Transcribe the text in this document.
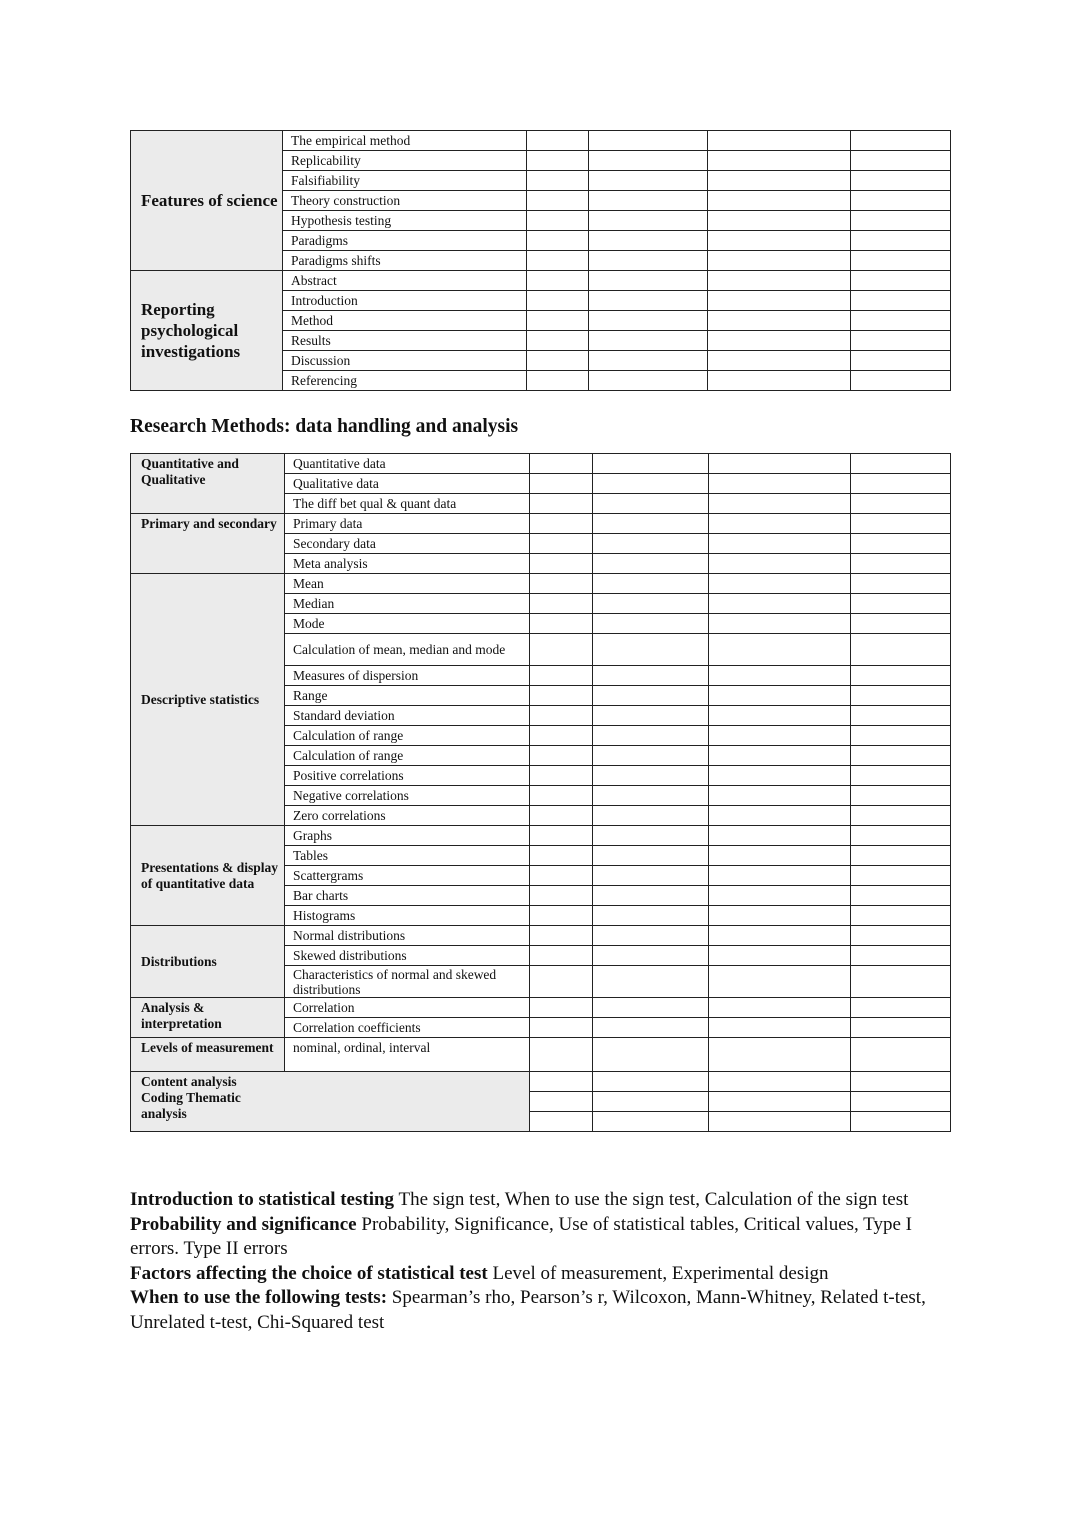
Features of science	The empirical method				
	Replicability				
	Falsifiability				
	Theory construction				
	Hypothesis testing				
	Paradigms				
	Paradigms shifts				
Reporting psychological investigations	Abstract				
	Introduction				
	Method				
	Results				
	Discussion				
	Referencing				
Research Methods: data handling and analysis
Quantitative and Qualitative	Quantitative data				
	Qualitative data				
	The diff bet qual & quant data				
Primary and secondary	Primary data				
	Secondary data				
	Meta analysis				
Descriptive statistics	Mean				
	Median				
	Mode				
	Calculation of mean, median and mode				
	Measures of dispersion				
	Range				
	Standard deviation				
	Calculation of range				
	Calculation of range				
	Positive correlations				
	Negative correlations				
	Zero correlations				
Presentations & display of quantitative data	Graphs				
	Tables				
	Scattergrams				
	Bar charts				
	Histograms				
Distributions	Normal distributions				
	Skewed distributions				
	Characteristics of normal and skewed distributions				
Analysis & interpretation	Correlation				
	Correlation coefficients				
Levels of measurement	nominal, ordinal, interval				

Content analysis Coding Thematic analysis					

Introduction to statistical testing The sign test, When to use the sign test, Calculation of the sign test

Probability and significance Probability, Significance, Use of statistical tables, Critical values, Type I errors. Type II errors

Factors affecting the choice of statistical test Level of measurement, Experimental design

When to use the following tests: Spearman’s rho, Pearson’s r, Wilcoxon, Mann-Whitney, Related t-test, Unrelated t-test, Chi-Squared test
